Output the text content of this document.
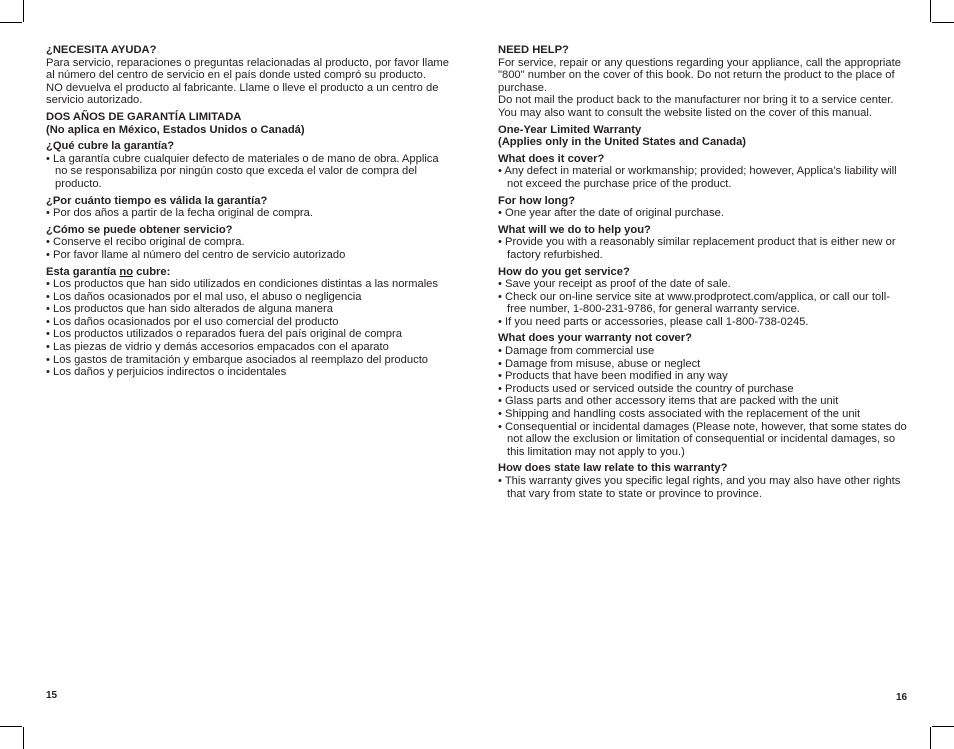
¿NECESITA AYUDA?
Para servicio, reparaciones o preguntas relacionadas al producto, por favor llame al número del centro de servicio en el país donde usted compró su producto.
NO devuelva el producto al fabricante. Llame o lleve el producto a un centro de servicio autorizado.
DOS AÑOS DE GARANTÍA LIMITADA
(No aplica en México, Estados Unidos o Canadá)
¿Qué cubre la garantía?
• La garantía cubre cualquier defecto de materiales o de mano de obra. Applica no se responsabiliza por ningún costo que exceda el valor de compra del producto.
¿Por cuánto tiempo es válida la garantía?
• Por dos años a partir de la fecha original de compra.
¿Cómo se puede obtener servicio?
• Conserve el recibo original de compra.
• Por favor llame al número del centro de servicio autorizado
Esta garantía no cubre:
• Los productos que han sido utilizados en condiciones distintas a las normales
• Los daños ocasionados por el mal uso, el abuso o negligencia
• Los productos que han sido alterados de alguna manera
• Los daños ocasionados por el uso comercial del producto
• Los productos utilizados o reparados fuera del país original de compra
• Las piezas de vidrio y demás accesorios empacados con el aparato
• Los gastos de tramitación y embarque asociados al reemplazo del producto
• Los daños y perjuicios indirectos o incidentales
NEED HELP?
For service, repair or any questions regarding your appliance, call the appropriate "800" number on the cover of this book. Do not return the product to the place of purchase.
Do not mail the product back to the manufacturer nor bring it to a service center. You may also want to consult the website listed on the cover of this manual.
One-Year Limited Warranty
(Applies only in the United States and Canada)
What does it cover?
• Any defect in material or workmanship; provided; however, Applica’s liability will not exceed the purchase price of the product.
For how long?
• One year after the date of original purchase.
What will we do to help you?
• Provide you with a reasonably similar replacement product that is either new or factory refurbished.
How do you get service?
• Save your receipt as proof of the date of sale.
• Check our on-line service site at www.prodprotect.com/applica, or call our toll-free number, 1-800-231-9786, for general warranty service.
• If you need parts or accessories, please call 1-800-738-0245.
What does your warranty not cover?
• Damage from commercial use
• Damage from misuse, abuse or neglect
• Products that have been modified in any way
• Products used or serviced outside the country of purchase
• Glass parts and other accessory items that are packed with the unit
• Shipping and handling costs associated with the replacement of the unit
• Consequential or incidental damages (Please note, however, that some states do not allow the exclusion or limitation of consequential or incidental damages, so this limitation may not apply to you.)
How does state law relate to this warranty?
• This warranty gives you specific legal rights, and you may also have other rights that vary from state to state or province to province.
15	16
